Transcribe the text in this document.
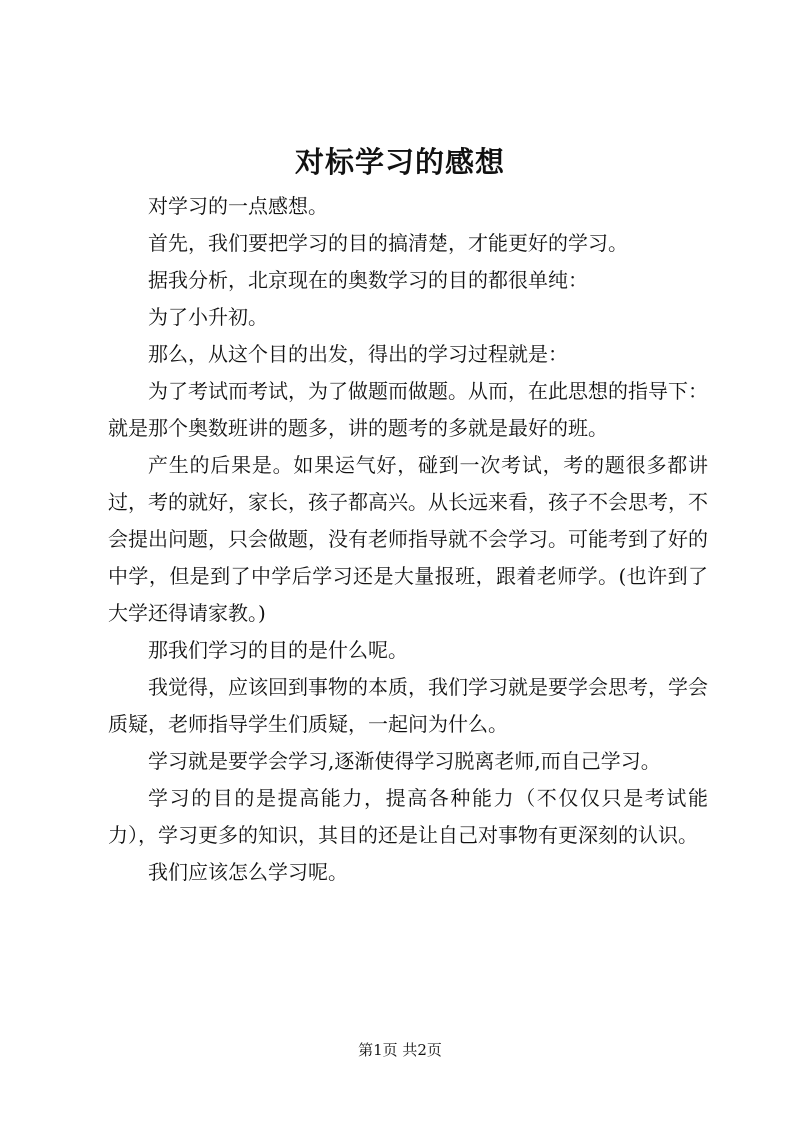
对标学习的感想

对学习的一点感想。

首先，我们要把学习的目的搞清楚，才能更好的学习。

据我分析，北京现在的奥数学习的目的都很单纯：

为了小升初。

那么，从这个目的出发，得出的学习过程就是：

为了考试而考试，为了做题而做题。从而，在此思想的指导下：就是那个奥数班讲的题多，讲的题考的多就是最好的班。

产生的后果是。如果运气好，碰到一次考试，考的题很多都讲过，考的就好，家长，孩子都高兴。从长远来看，孩子不会思考，不会提出问题，只会做题，没有老师指导就不会学习。可能考到了好的中学，但是到了中学后学习还是大量报班，跟着老师学。(也许到了大学还得请家教。)

那我们学习的目的是什么呢。

我觉得，应该回到事物的本质，我们学习就是要学会思考，学会质疑，老师指导学生们质疑，一起问为什么。

学习就是要学会学习,逐渐使得学习脱离老师,而自己学习。

学习的目的是提高能力，提高各种能力（不仅仅只是考试能力），学习更多的知识，其目的还是让自己对事物有更深刻的认识。

我们应该怎么学习呢。

第1页 共2页
